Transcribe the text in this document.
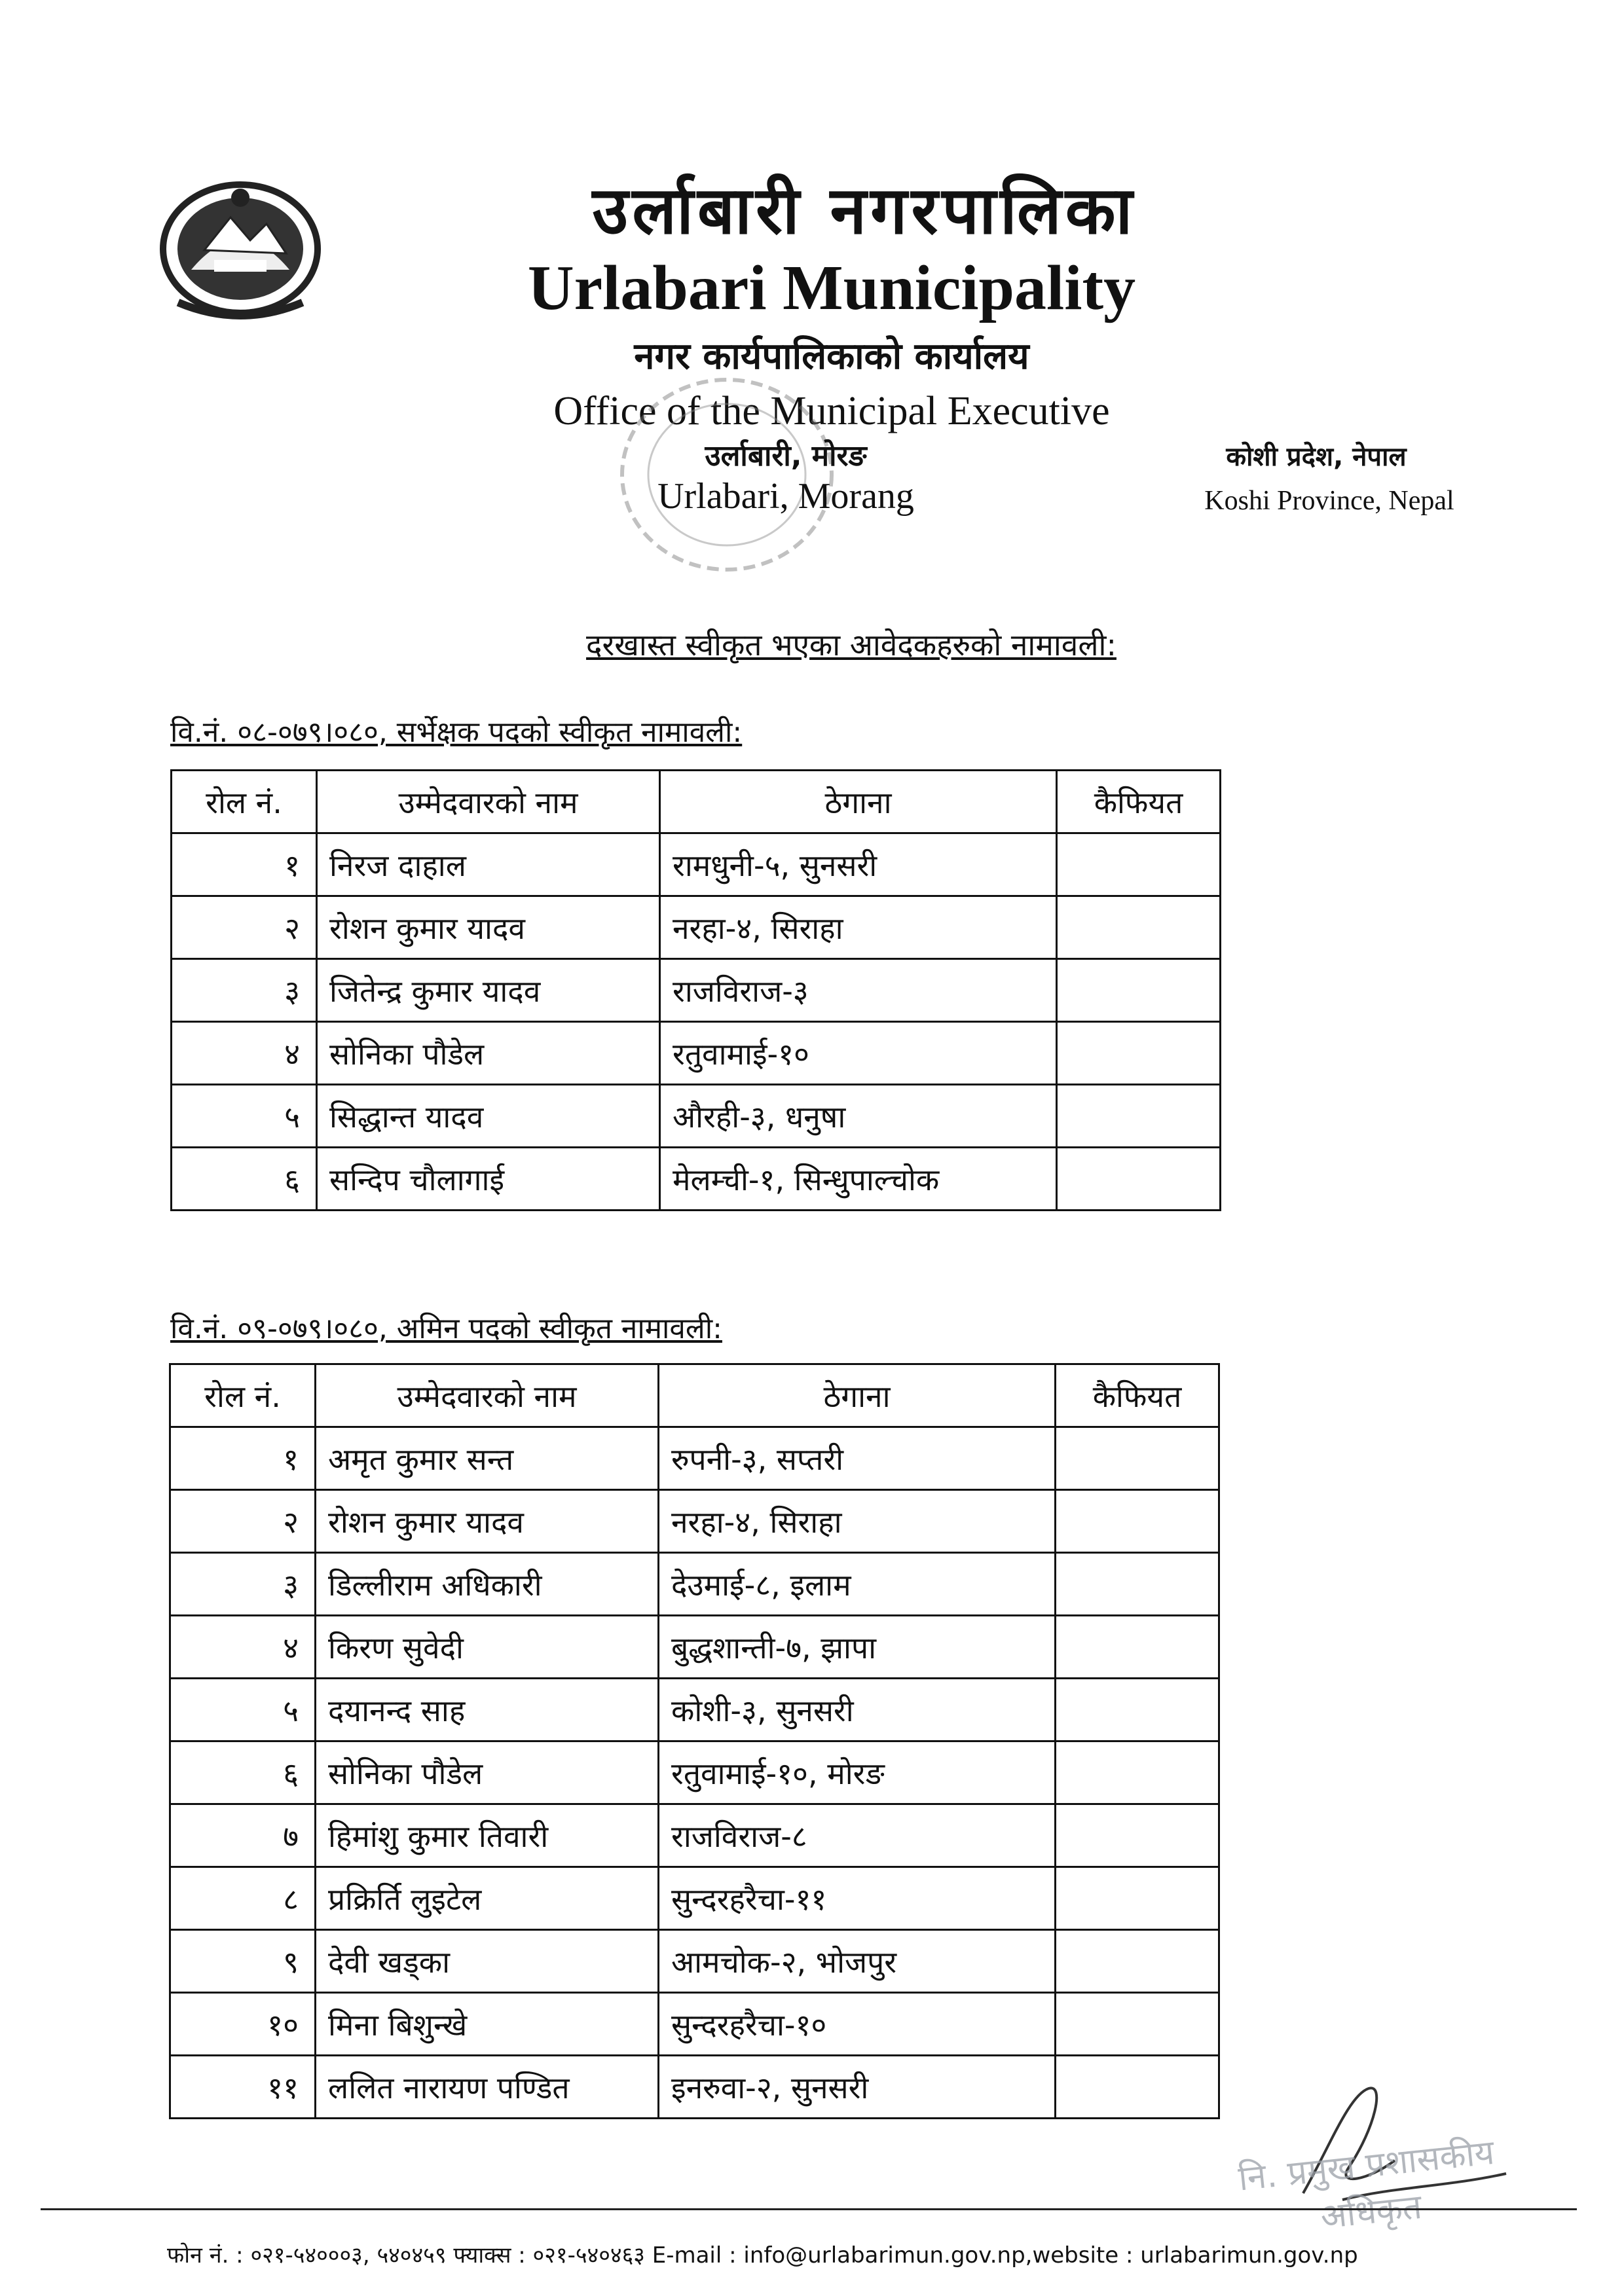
उर्लाबारी नगरपालिका
Urlabari Municipality
नगर कार्यपालिकाको कार्यालय
Office of the Municipal Executive
उर्लाबारी, मोरङ
Urlabari, Morang
कोशी प्रदेश, नेपाल
Koshi Province, Nepal
दरखास्त स्वीकृत भएका आवेदकहरुको नामावली:
वि.नं. ०८-०७९।०८०, सर्भेक्षक पदको स्वीकृत नामावली:
रोल नं.	उम्मेदवारको नाम	ठेगाना	कैफियत
१	निरज दाहाल	रामधुनी-५, सुनसरी	
२	रोशन कुमार यादव	नरहा-४, सिराहा	
३	जितेन्द्र कुमार यादव	राजविराज-३	
४	सोनिका पौडेल	रतुवामाई-१०	
५	सिद्धान्त यादव	औरही-३, धनुषा	
६	सन्दिप चौलागाई	मेलम्ची-१, सिन्धुपाल्चोक	
वि.नं. ०९-०७९।०८०, अमिन पदको स्वीकृत नामावली:
रोल नं.	उम्मेदवारको नाम	ठेगाना	कैफियत
१	अमृत कुमार सन्त	रुपनी-३, सप्तरी	
२	रोशन कुमार यादव	नरहा-४, सिराहा	
३	डिल्लीराम अधिकारी	देउमाई-८, इलाम	
४	किरण सुवेदी	बुद्धशान्ती-७, झापा	
५	दयानन्द साह	कोशी-३, सुनसरी	
६	सोनिका पौडेल	रतुवामाई-१०, मोरङ	
७	हिमांशु कुमार तिवारी	राजविराज-८	
८	प्रक्रिर्ति लुइटेल	सुन्दरहरैचा-११	
९	देवी खड्का	आमचोक-२, भोजपुर	
१०	मिना बिशुन्खे	सुन्दरहरैचा-१०	
११	ललित नारायण पण्डित	इनरुवा-२, सुनसरी	
नि. प्रमुख प्रशासकीय अधिकृत
फोन नं. : ०२१-५४०००३, ५४०४५९ फ्याक्स : ०२१-५४०४६३ E-mail : info@urlabarimun.gov.np,website : urlabarimun.gov.np
